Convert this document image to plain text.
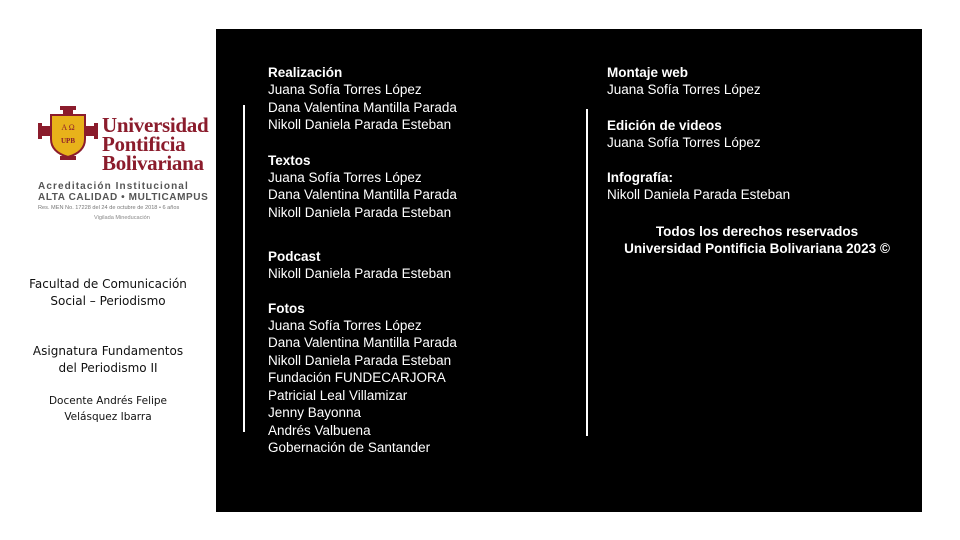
A Ω
UPB
Universidad
Pontificia
Bolivariana
Acreditación Institucional
ALTA CALIDAD • MULTICAMPUS
Res. MEN No. 17228 del 24 de octubre de 2018 • 6 años
Vigilada Mineducación
Facultad de Comunicación Social – Periodismo
Asignatura Fundamentos del Periodismo II
Docente Andrés Felipe Velásquez Ibarra
Realización
Juana Sofía Torres López
Dana Valentina Mantilla Parada
Nikoll Daniela Parada Esteban
Textos
Juana Sofía Torres López
Dana Valentina Mantilla Parada
Nikoll Daniela Parada Esteban
Podcast
Nikoll Daniela Parada Esteban
Fotos
Juana Sofía Torres López
Dana Valentina Mantilla Parada
Nikoll Daniela Parada Esteban
Fundación FUNDECARJORA
Patricial Leal Villamizar
Jenny Bayonna
Andrés Valbuena
Gobernación de Santander
Montaje web
Juana Sofía Torres López
Edición de videos
Juana Sofía Torres López
Infografía:
Nikoll Daniela Parada Esteban
Todos los derechos reservados
Universidad Pontificia Bolivariana 2023 ©
